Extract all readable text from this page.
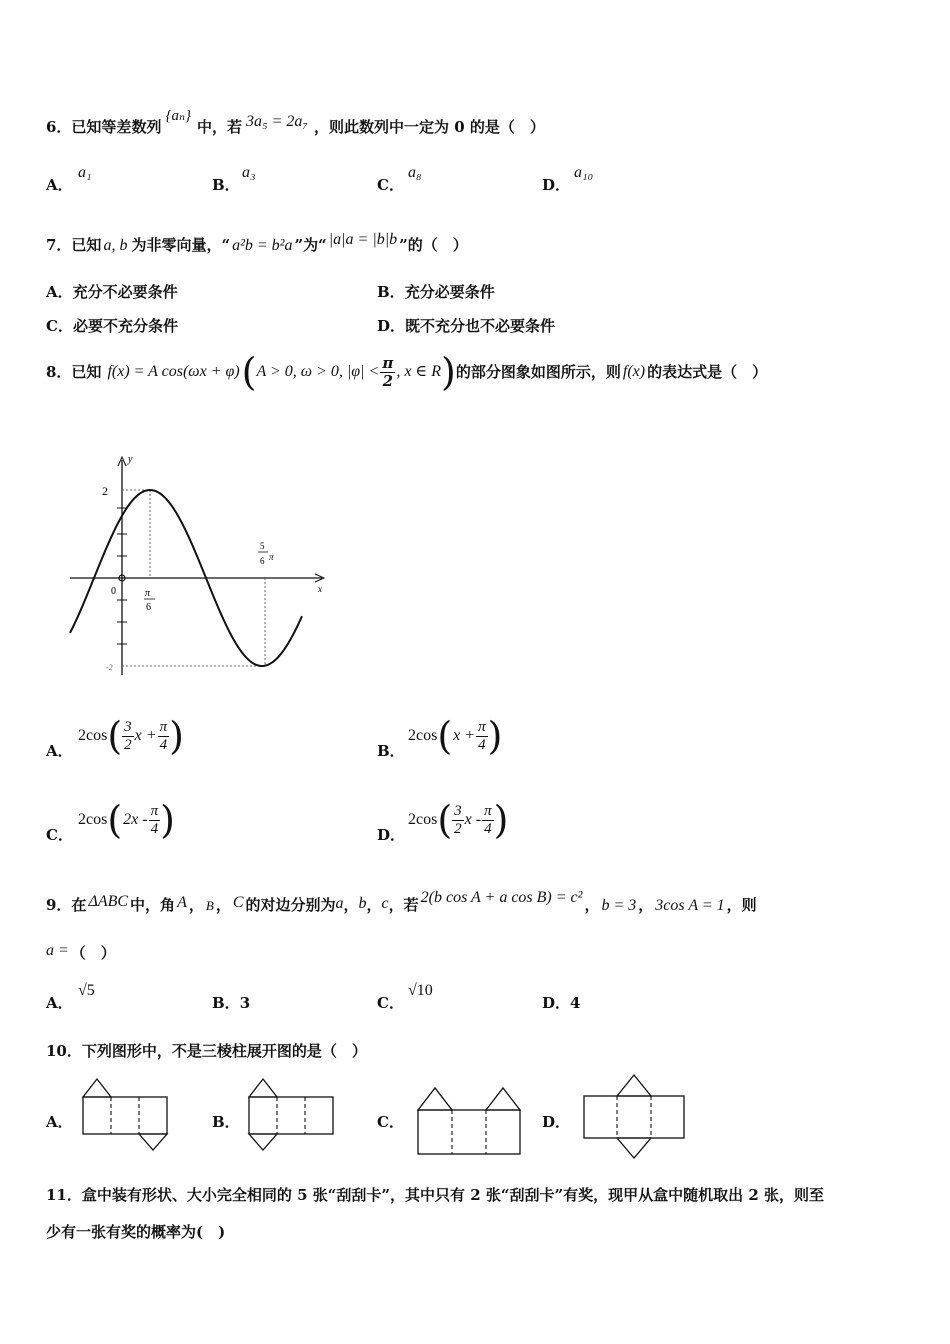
6．已知等差数列{aₙ}中，若 3a₅ = 2a₇ ，则此数列中一定为 0 的是（　）
A．
a₁
B．
a₃
C．
a₈
D．
a₁₀
7．已知 a, b 为非零向量，“ a²b = b²a ”为“ |a|a = |b|b ”的（　）
A．充分不必要条件	B．充分必要条件
C．必要不充分条件	D．既不充分也不必要条件
8．已知 f(x) = A cos(ωx + φ)(A > 0, ω > 0, $|\varphi| < \frac{\pi}{2}$ , x ∈ R)的部分图象如图所示，则 f(x) 的表达式是（　）
y
x
0
2
-2
π
6
5
6 π
A．
$2\cos( \frac{3}{2}$ $x + \frac{\pi}{4}$ )	B．
$2\cos(x + \frac{\pi}{4}$ )
C．
$2\cos(2x - \frac{\pi}{4}$ )	D．
$2\cos( \frac{3}{2}$ x - $\frac{\pi}{4}$ )
9．在 ΔABC 中，角 A ， B ， C 的对边分别为a，b，c，若 2(b cos A + a cos B) = c² ， b = 3 ， 3cos A = 1 ，则
a = （　）
A．
√5
B．3	C．
√10
D．4
10．下列图形中，不是三棱柱展开图的是（　）
A．	B．	C．	D．
11．盒中装有形状、大小完全相同的 5 张“刮刮卡”，其中只有 2 张“刮刮卡”有奖，现甲从盒中随机取出 2 张，则至
少有一张有奖的概率为(　)
